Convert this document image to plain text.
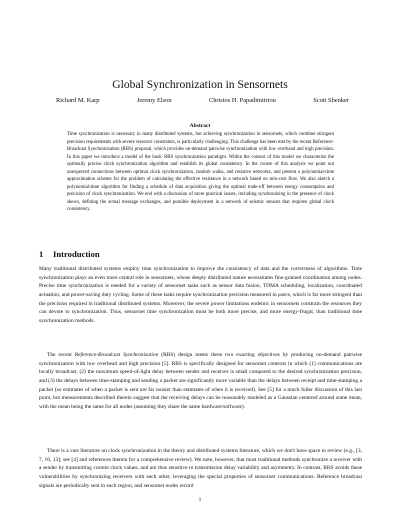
Global Synchronization in Sensornets
Richard M. Karp	Jeremy Elson	Christos H. Papadimitriou	Scott Shenker
Abstract

Time synchronization is necessary in many distributed systems, but achieving synchronization in sensornets, which combine stringent precision requirements with severe resource constraints, is particularly challenging. This challenge has been met by the recent Reference-Broadcast Synchronization (RBS) proposal, which provides on-demand pairwise synchronization with low overhead and high precision. In this paper we introduce a model of the basic RBS synchronization paradigm. Within the context of this model we characterize the optimally precise clock synchronization algorithm and establish its global consistency. In the course of this analysis we point out unexpected connections between optimal clock synchronization, random walks, and resistive networks, and present a polynomial-time approximation scheme for the problem of calculating the effective resistance in a network based on min-cost flow. We also sketch a polynomial-time algorithm for finding a schedule of data acquisition giving the optimal trade-off between energy consumption and precision of clock synchronization. We end with a discussion of more practical issues, including synchronizing in the presence of clock skews, defining the actual message exchanges, and possible deployment in a network of seismic sensors that requires global clock consistency.

1 Introduction

Many traditional distributed systems employ time synchronization to improve the consistency of data and the correctness of algorithms. Time synchronization plays an even more central role in sensornets, whose deeply distributed nature necessitates fine-grained coordination among nodes. Precise time synchronization is needed for a variety of sensornet tasks such as sensor data fusion, TDMA scheduling, localization, coordinated actuation, and power-saving duty cycling. Some of these tasks require synchronization precision measured in μsecs, which is far more stringent than the precision required in traditional distributed systems. Moreover, the severe power limitations endemic in sensornets constrain the resources they can devote to synchronization. Thus, sensornet time synchronization must be both more precise, and more energy-frugal, than traditional time synchronization methods.

The recent Reference-Broadcast Synchronization (RBS) design meets these two exacting objectives by producing on-demand pairwise synchronization with low overhead and high precision [5]. RBS is specifically designed for sensornet contexts in which (1) communications are locally broadcast, (2) the maximum speed-of-light delay between sender and receiver is small compared to the desired synchronization precision, and (3) the delays between time-stamping and sending a packet are significantly more variable than the delays between receipt and time-stamping a packet (so estimates of when a packet is sent are far noisier than estimates of when it is received). See [5] for a much fuller discussion of this last point, but measurements described therein suggest that the receiving delays can be reasonably modeled as a Gaussian centered around some mean, with the mean being the same for all nodes (assuming they share the same hardware/software).

There is a vast literature on clock synchronization in the theory and distributed systems literature, which we don't have space to review (e.g., [3, 7, 16, 13]; see [4] and references therein for a comprehensive review). We note, however, that most traditional methods synchronize a receiver with a sender by transmitting current clock values, and are thus sensitive to transmission delay variability and asymmetry. In contrast, RBS avoids these vulnerabilities by synchronizing receivers with each other, leveraging the special properties of sensornet communications. Reference broadcast signals are periodically sent in each region, and sensornet nodes record

1
